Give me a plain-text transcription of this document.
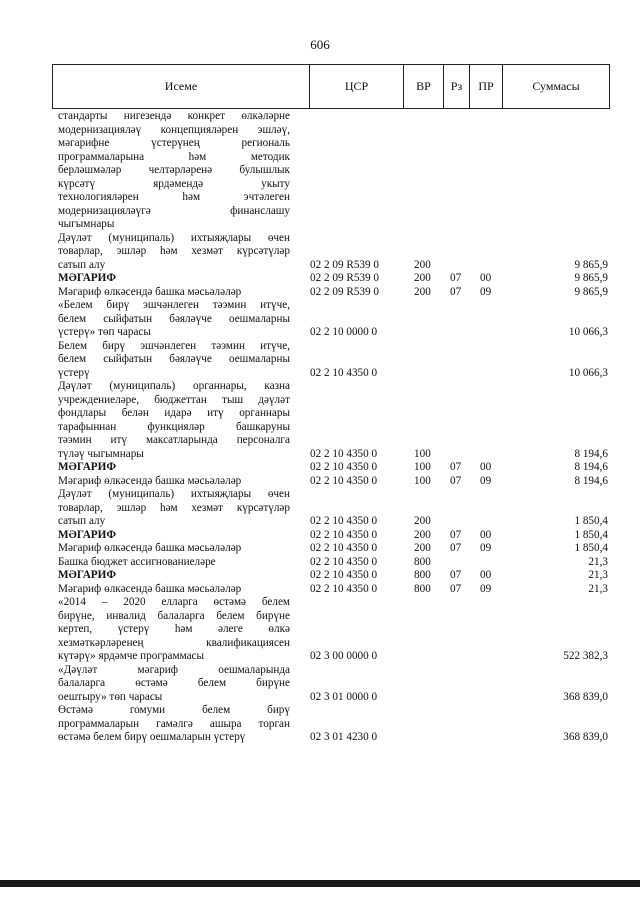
606
Исеме	ЦСР	ВР	Рз	ПР	Суммасы
стандарты нигезендә конкрет өлкәләрне
модернизацияләү концепцияләрен эшләү,
мәгарифне үстерүнең региональ
программаларына һәм методик
берләшмәләр челтәрләренә булышлык
күрсәтү ярдәмендә укыту
технологияләрен һәм эчтәлеген
модернизацияләүгә финанслашу
чыгымнары
Дәүләт (муниципаль) ихтыяҗлары өчен
товарлар, эшләр һәм хезмәт күрсәтүләр
сатып алу	02 2 09 R539 0	200	9 865,9
МӘГАРИФ	02 2 09 R539 0	200 07 00	9 865,9
Мәгариф өлкәсендә башка мәсьәләләр	02 2 09 R539 0	200 07 09	9 865,9
«Белем бирү эшчәнлеген тәэмин итүче,
белем сыйфатын бәяләүче оешмаларны
үстерү» төп чарасы	02 2 10 0000 0	10 066,3
Белем бирү эшчәнлеген тәэмин итүче,
белем сыйфатын бәяләүче оешмаларны
үстерү	02 2 10 4350 0	10 066,3
Дәүләт (муниципаль) органнары, казна
учреждениеләре, бюджеттан тыш дәүләт
фондлары белән идарә итү органнары
тарафыннан функцияләр башкаруны
тәэмин итү максатларында персоналга
түләү чыгымнары	02 2 10 4350 0	100	8 194,6
МӘГАРИФ	02 2 10 4350 0	100 07 00	8 194,6
Мәгариф өлкәсендә башка мәсьәләләр	02 2 10 4350 0	100 07 09	8 194,6
Дәүләт (муниципаль) ихтыяҗлары өчен
товарлар, эшләр һәм хезмәт күрсәтүләр
сатып алу	02 2 10 4350 0	200	1 850,4
МӘГАРИФ	02 2 10 4350 0	200 07 00	1 850,4
Мәгариф өлкәсендә башка мәсьәләләр	02 2 10 4350 0	200 07 09	1 850,4
Башка бюджет ассигнованиеләре	02 2 10 4350 0	800	21,3
МӘГАРИФ	02 2 10 4350 0	800 07 00	21,3
Мәгариф өлкәсендә башка мәсьәләләр	02 2 10 4350 0	800 07 09	21,3
«2014 – 2020 елларга өстәмә белем
бирүне, инвалид балаларга белем бирүне
кертеп, үстерү һәм әлеге өлкә
хезмәткәрләренең квалификациясен
күтәрү» ярдәмче программасы	02 3 00 0000 0	522 382,3
«Дәүләт мәгариф оешмаларында
балаларга өстәмә белем бирүне
оештыру» төп чарасы	02 3 01 0000 0	368 839,0
Өстәмә гомуми белем бирү
программаларын гамәлгә ашыра торган
өстәмә белем бирү оешмаларын үстерү	02 3 01 4230 0	368 839,0
